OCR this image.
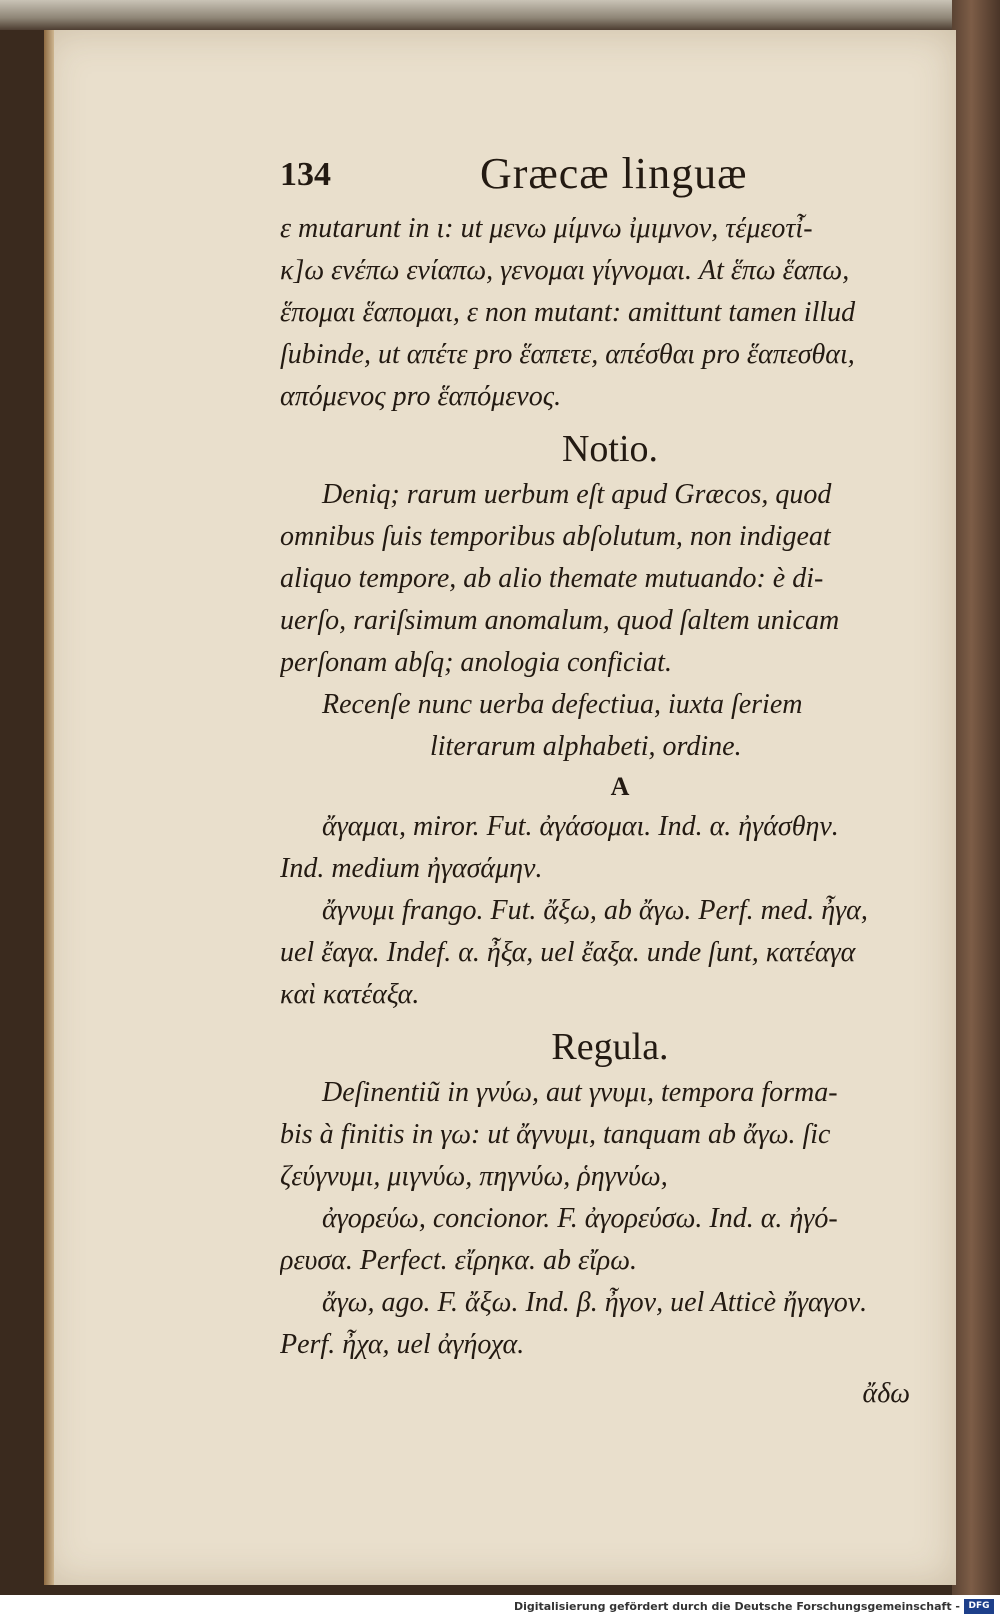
134	Græcæ linguæ
ε mutarunt in ι: ut μενω μίμνω ἰμιμνον, τέμεοτἶ-
κ]ω ενέπω ενίαπω, γενομαι γίγνομαι. At ἕπω ἕαπω,
ἕπομαι ἕαπομαι, ε non mutant: amittunt tamen illud
ſubinde, ut απέτε pro ἕαπετε, απέσθαι pro ἕαπεσθαι,
απόμενος pro ἕαπόμενος.
Notio.
Deniq; rarum uerbum eſt apud Græcos, quod
omnibus ſuis temporibus abſolutum, non indigeat
aliquo tempore, ab alio themate mutuando: è di-
uerſo, rariſsimum anomalum, quod ſaltem unicam
perſonam abſq; anologia conficiat.
Recenſe nunc uerba defectiua, iuxta ſeriem
literarum alphabeti, ordine.
A
ἄγαμαι, miror. Fut. ἀγάσομαι. Ind. α. ἠγάσθην.
Ind. medium ἠγασάμην.
ἄγνυμι frango. Fut. ἄξω, ab ἄγω. Perf. med. ἦγα,
uel ἔαγα. Indef. α. ἦξα, uel ἔαξα. unde ſunt, κατέαγα
καὶ κατέαξα.
Regula.
Deſinentiũ in γνύω, aut γνυμι, tempora forma-
bis à finitis in γω: ut ἄγνυμι, tanquam ab ἄγω. ſic
ζεύγνυμι, μιγνύω, πηγνύω, ῥηγνύω,
ἀγορεύω, concionor. F. ἀγορεύσω. Ind. α. ἠγό-
ρευσα. Perfect. εἴρηκα. ab εἴρω.
ἄγω, ago. F. ἄξω. Ind. β. ἦγον, uel Atticè ἤγαγον.
Perf. ἦχα, uel ἀγήοχα.
ἄδω
Digitalisierung gefördert durch die Deutsche Forschungsgemeinschaft - DFG
